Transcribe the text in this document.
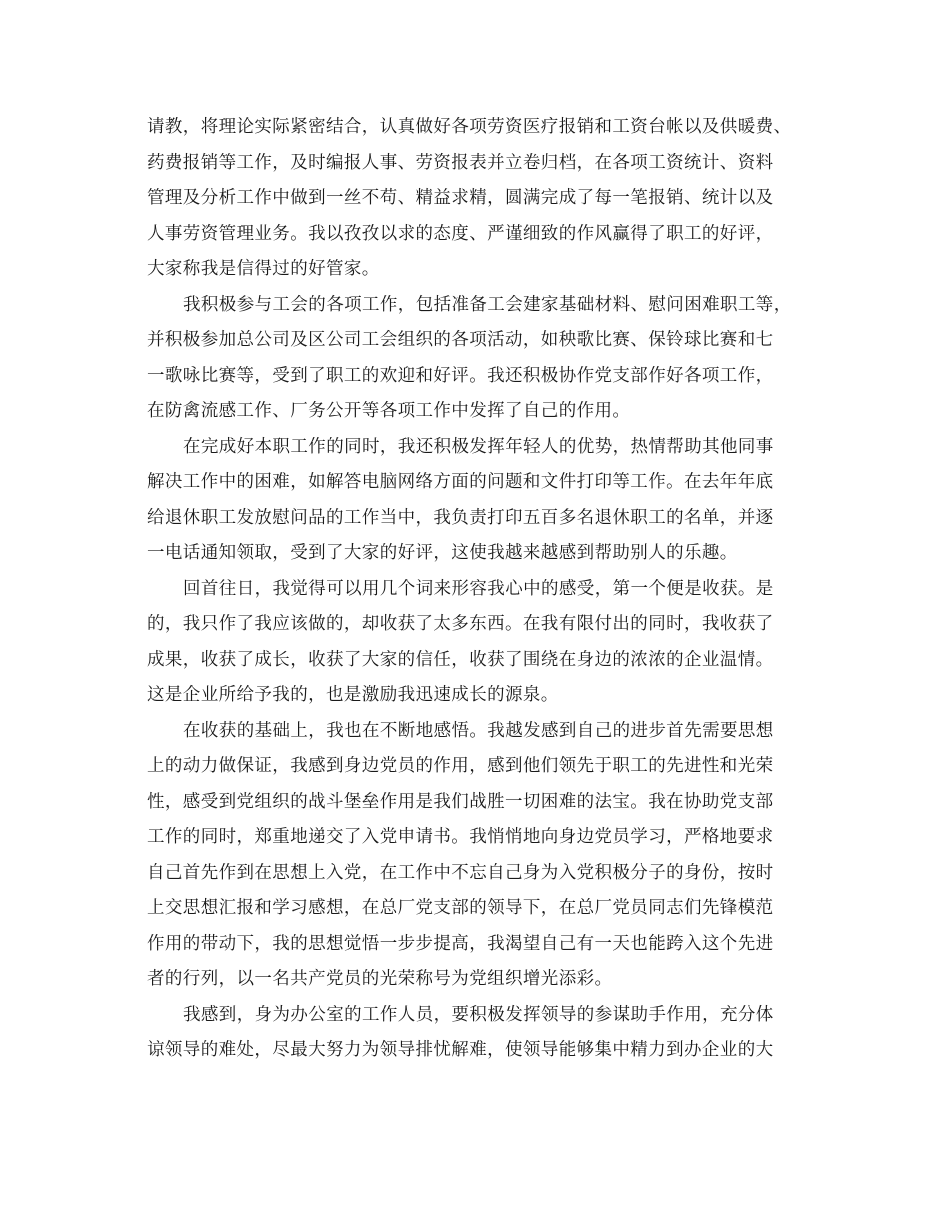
请教，将理论实际紧密结合，认真做好各项劳资医疗报销和工资台帐以及供暖费、
药费报销等工作，及时编报人事、劳资报表并立卷归档，在各项工资统计、资料
管理及分析工作中做到一丝不苟、精益求精，圆满完成了每一笔报销、统计以及
人事劳资管理业务。我以孜孜以求的态度、严谨细致的作风赢得了职工的好评，
大家称我是信得过的好管家。
我积极参与工会的各项工作，包括准备工会建家基础材料、慰问困难职工等，
并积极参加总公司及区公司工会组织的各项活动，如秧歌比赛、保铃球比赛和七
一歌咏比赛等，受到了职工的欢迎和好评。我还积极协作党支部作好各项工作，
在防禽流感工作、厂务公开等各项工作中发挥了自己的作用。
在完成好本职工作的同时，我还积极发挥年轻人的优势，热情帮助其他同事
解决工作中的困难，如解答电脑网络方面的问题和文件打印等工作。在去年年底
给退休职工发放慰问品的工作当中，我负责打印五百多名退休职工的名单，并逐
一电话通知领取，受到了大家的好评，这使我越来越感到帮助别人的乐趣。
回首往日，我觉得可以用几个词来形容我心中的感受，第一个便是收获。是
的，我只作了我应该做的，却收获了太多东西。在我有限付出的同时，我收获了
成果，收获了成长，收获了大家的信任，收获了围绕在身边的浓浓的企业温情。
这是企业所给予我的，也是激励我迅速成长的源泉。
在收获的基础上，我也在不断地感悟。我越发感到自己的进步首先需要思想
上的动力做保证，我感到身边党员的作用，感到他们领先于职工的先进性和光荣
性，感受到党组织的战斗堡垒作用是我们战胜一切困难的法宝。我在协助党支部
工作的同时，郑重地递交了入党申请书。我悄悄地向身边党员学习，严格地要求
自己首先作到在思想上入党，在工作中不忘自己身为入党积极分子的身份，按时
上交思想汇报和学习感想，在总厂党支部的领导下，在总厂党员同志们先锋模范
作用的带动下，我的思想觉悟一步步提高，我渴望自己有一天也能跨入这个先进
者的行列，以一名共产党员的光荣称号为党组织增光添彩。
我感到，身为办公室的工作人员，要积极发挥领导的参谋助手作用，充分体
谅领导的难处，尽最大努力为领导排忧解难，使领导能够集中精力到办企业的大
